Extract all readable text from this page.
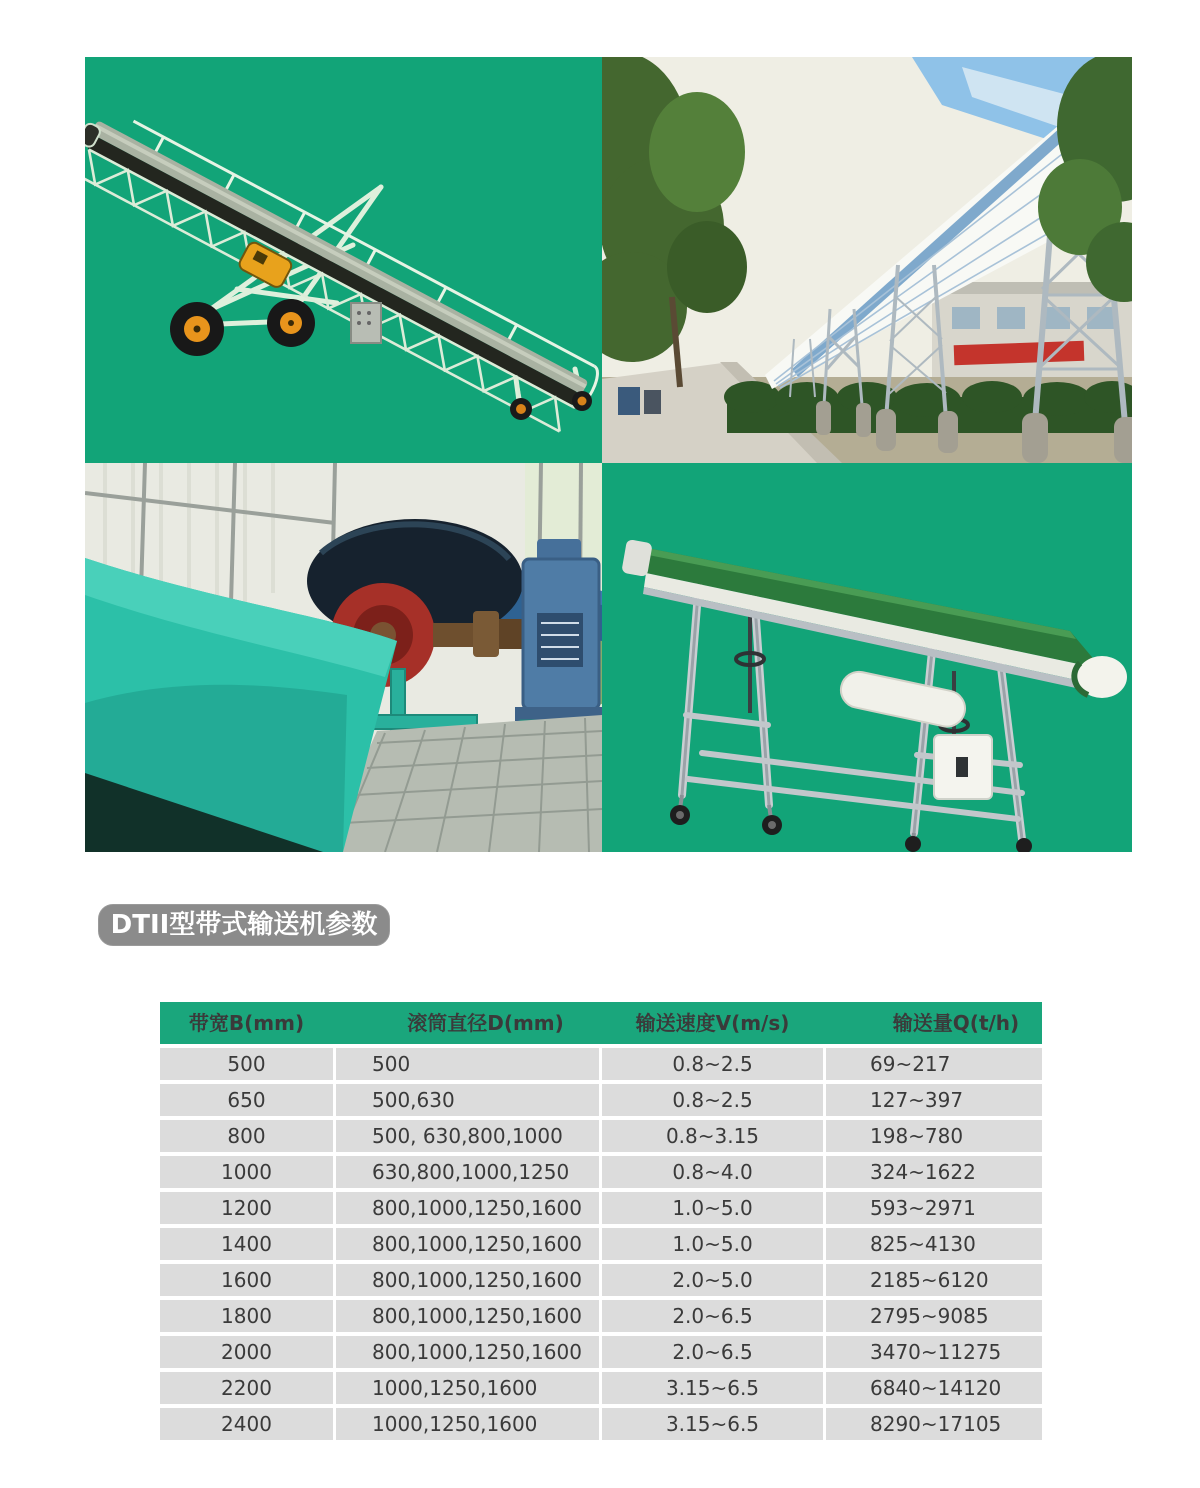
DTII型带式输送机参数
带宽B(mm)	滚筒直径D(mm)	输送速度V(m/s)	输送量Q(t/h)
500	500	0.8~2.5	69~217
650	500,630	0.8~2.5	127~397
800	500, 630,800,1000	0.8~3.15	198~780
1000	630,800,1000,1250	0.8~4.0	324~1622
1200	800,1000,1250,1600	1.0~5.0	593~2971
1400	800,1000,1250,1600	1.0~5.0	825~4130
1600	800,1000,1250,1600	2.0~5.0	2185~6120
1800	800,1000,1250,1600	2.0~6.5	2795~9085
2000	800,1000,1250,1600	2.0~6.5	3470~11275
2200	1000,1250,1600	3.15~6.5	6840~14120
2400	1000,1250,1600	3.15~6.5	8290~17105
